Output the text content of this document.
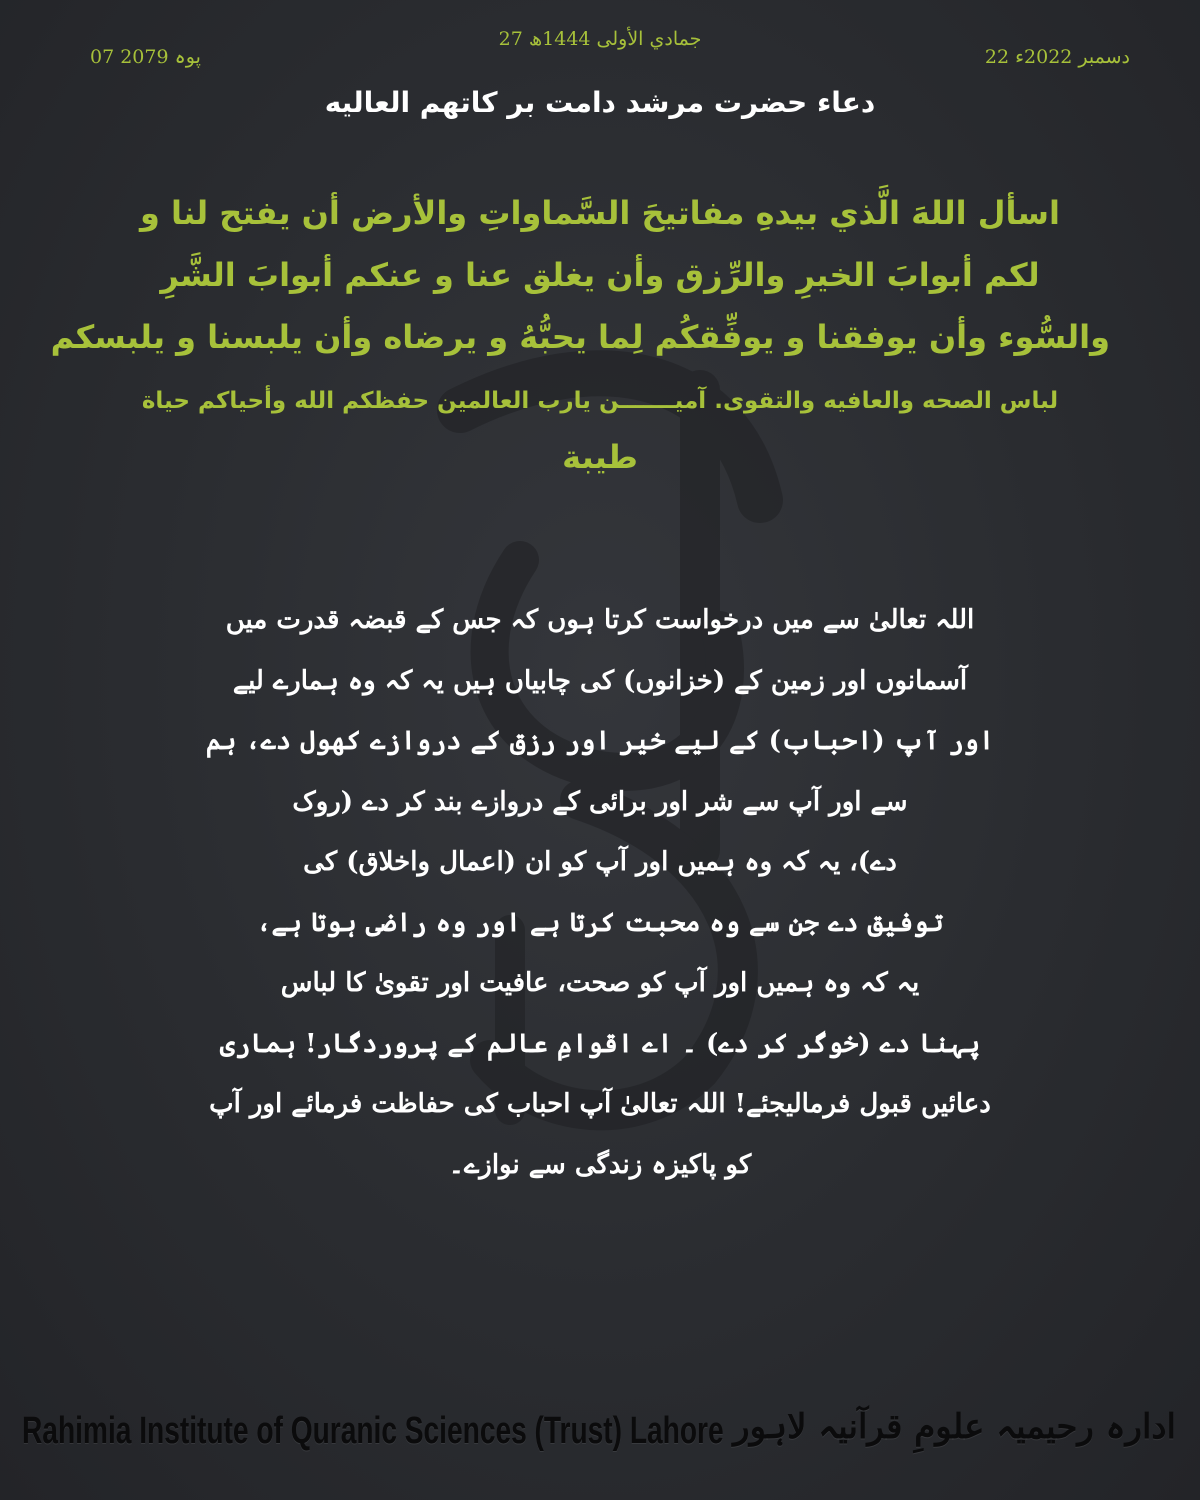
27 جمادي الأولى 1444ھ
07 پوہ 2079	22 دسمبر 2022ء
دعاء حضرت مرشد دامت بر کاتهم العالیه
اسأل اللهَ الَّذي بيدهِ مفاتيحَ السَّماواتِ والأرض أن يفتح لنا و
لكم أبوابَ الخيرِ والرِّزق وأن يغلق عنا و عنكم أبوابَ الشَّرِ
والسُّوء وأن يوفقنا و يوفِّقكُم لِما يحبُّهُ و يرضاه وأن يلبسنا و يلبسكم
لباس الصحه والعافيه والتقوى. آميـــــــن يارب العالمين حفظكم الله وأحياكم حياة
طيبة
اللہ تعالیٰ سے میں درخواست کرتا ہوں کہ جس کے قبضہ قدرت میں
آسمانوں اور زمین کے (خزانوں) کی چابیاں ہیں یہ کہ وہ ہمارے لیے
اور آپ (احباب) کے لیے خیر اور رزق کے دروازے کھول دے، ہم
سے اور آپ سے شر اور برائی کے دروازے بند کر دے (روک
دے)، یہ کہ وہ ہمیں اور آپ کو ان (اعمال واخلاق) کی
توفیق دے جن سے وہ محبت کرتا ہے اور وہ راضی ہوتا ہے،
یہ کہ وہ ہمیں اور آپ کو صحت، عافیت اور تقویٰ کا لباس
پہنا دے (خوگر کر دے) ۔ اے اقوامِ عالم کے پروردگار! ہماری
دعائیں قبول فرمالیجئے! اللہ تعالیٰ آپ احباب کی حفاظت فرمائے اور آپ
کو پاکیزہ زندگی سے نوازے۔
Rahimia Institute of Quranic Sciences (Trust) Lahore ادارہ رحیمیہ علومِ قرآنیہ لاہور
